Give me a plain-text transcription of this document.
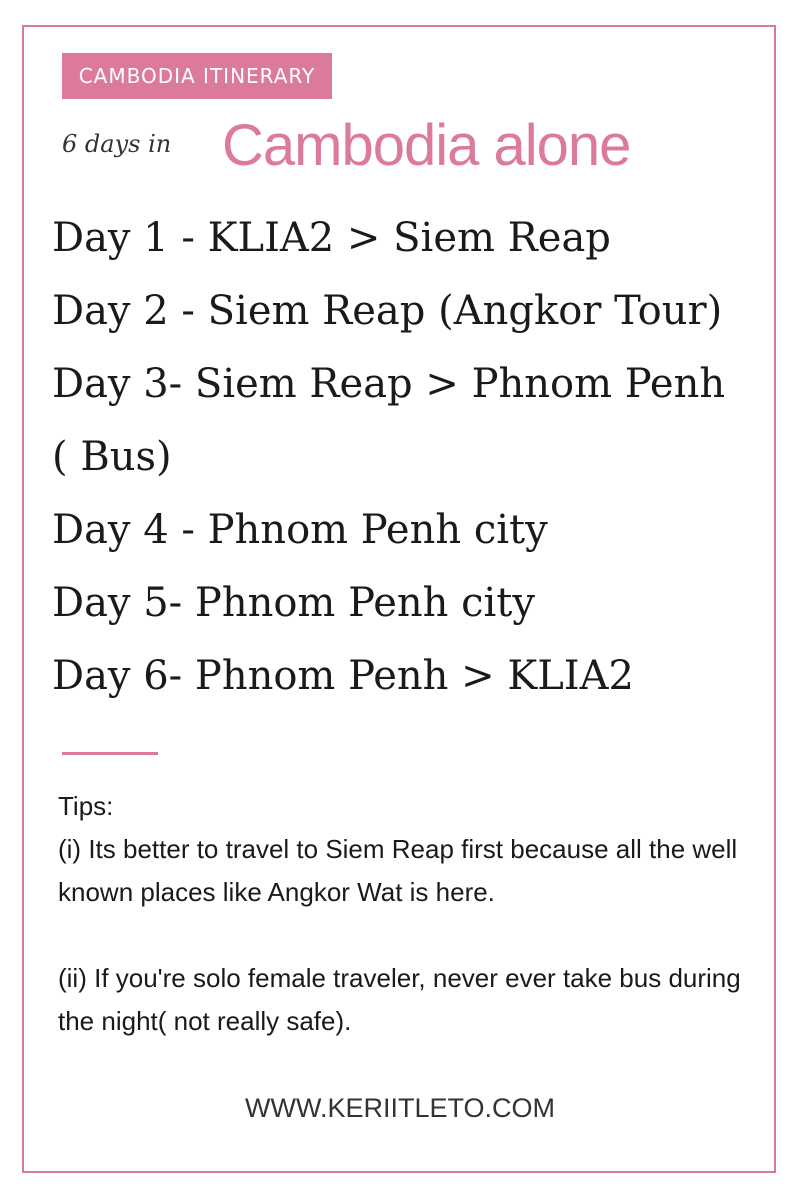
CAMBODIA ITINERARY
6 days in Cambodia alone
Day 1 - KLIA2 > Siem Reap
Day 2 - Siem Reap (Angkor Tour)
Day 3- Siem Reap > Phnom Penh
( Bus)
Day 4 - Phnom Penh city
Day 5- Phnom Penh city
Day 6- Phnom Penh > KLIA2

Tips:

(i) Its better to travel to Siem Reap first because all the well known places like Angkor Wat is here.

(ii) If you're solo female traveler, never ever take bus during the night( not really safe).

WWW.KERIITLETO.COM
